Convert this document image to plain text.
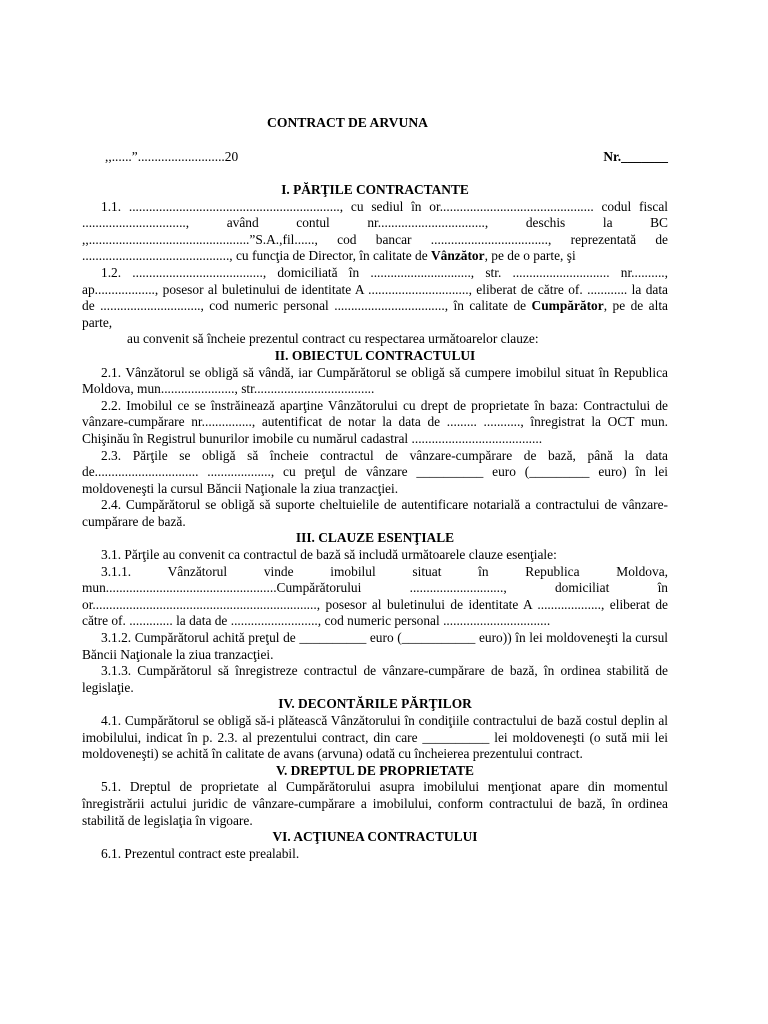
CONTRACT DE ARVUNA
,,......”..........................20	Nr._______
I. PĂRŢILE CONTRACTANTE

1.1. ..............................................................., cu sediul în or.............................................. codul fiscal ..............................., având contul nr................................, deschis la BC ,,................................................”S.A.,fil......, cod bancar ..................................., reprezentată de ............................................, cu funcţia de Director, în calitate de Vânzător, pe de o parte, şi

1.2. ......................................., domiciliată în .............................., str. ............................. nr.........., ap.................., posesor al buletinului de identitate A .............................., eliberat de către of. ............ la data de .............................., cod numeric personal ................................., în calitate de Cumpărător, pe de alta parte,

au convenit să încheie prezentul contract cu respectarea următoarelor clauze:

II. OBIECTUL CONTRACTULUI

2.1. Vânzătorul se obligă să vândă, iar Cumpărătorul se obligă să cumpere imobilul situat în Republica Moldova, mun......................, str....................................

2.2. Imobilul ce se înstrăinează aparţine Vânzătorului cu drept de proprietate în baza: Contractului de vânzare-cumpărare nr..............., autentificat de notar la data de ......... ..........., înregistrat la OCT mun. Chişinău în Registrul bunurilor imobile cu numărul cadastral .......................................

2.3. Părţile se obligă să încheie contractul de vânzare-cumpărare de bază, până la data de............................... ..................., cu preţul de vânzare __________ euro (_________ euro) în lei moldoveneşti la cursul Băncii Naţionale la ziua tranzacţiei.

2.4. Cumpărătorul se obligă să suporte cheltuielile de autentificare notarială a contractului de vânzare-cumpărare de bază.

III. CLAUZE ESENŢIALE

3.1. Părţile au convenit ca contractul de bază să includă următoarele clauze esenţiale:

3.1.1. Vânzătorul vinde imobilul situat în Republica Moldova, mun...................................................Cumpărătorului ............................, domiciliat în or..................................................................., posesor al buletinului de identitate A ..................., eliberat de către of. ............. la data de .........................., cod numeric personal ................................

3.1.2. Cumpărătorul achită preţul de __________ euro (___________ euro)) în lei moldoveneşti la cursul Băncii Naţionale la ziua tranzacţiei.

3.1.3. Cumpărătorul să înregistreze contractul de vânzare-cumpărare de bază, în ordinea stabilită de legislaţie.

IV. DECONTĂRILE PĂRŢILOR

4.1. Cumpărătorul se obligă să-i plătească Vânzătorului în condiţiile contractului de bază costul deplin al imobilului, indicat în p. 2.3. al prezentului contract, din care __________ lei moldoveneşti (o sută mii lei moldoveneşti) se achită în calitate de avans (arvuna) odată cu încheierea prezentului contract.

V. DREPTUL DE PROPRIETATE

5.1. Dreptul de proprietate al Cumpărătorului asupra imobilului menţionat apare din momentul înregistrării actului juridic de vânzare-cumpărare a imobilului, conform contractului de bază, în ordinea stabilită de legislaţia în vigoare.

VI. ACŢIUNEA CONTRACTULUI

6.1. Prezentul contract este prealabil.
